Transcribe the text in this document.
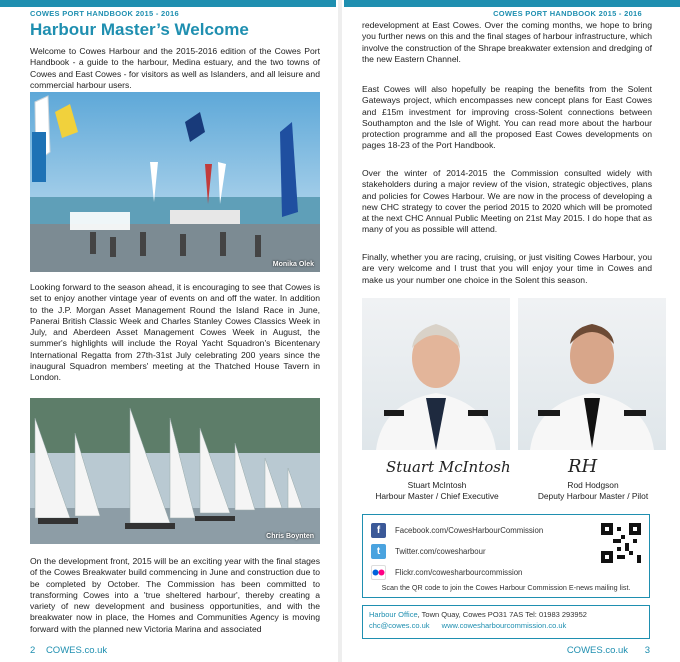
COWES PORT HANDBOOK 2015 - 2016	COWES PORT HANDBOOK 2015 - 2016
Harbour Master’s Welcome

Welcome to Cowes Harbour and the 2015-2016 edition of the Cowes Port Handbook - a guide to the harbour, Medina estuary, and the two towns of Cowes and East Cowes - for visitors as well as Islanders, and all leisure and commercial harbour users.

Monika Olek

Looking forward to the season ahead, it is encouraging to see that Cowes is set to enjoy another vintage year of events on and off the water. In addition to the J.P. Morgan Asset Management Round the Island Race in June, Panerai British Classic Week and Charles Stanley Cowes Classics Week in July, and Aberdeen Asset Management Cowes Week in August, the summer's highlights will include the Royal Yacht Squadron's Bicentenary International Regatta from 27th-31st July celebrating 200 years since the inaugural Squadron members' meeting at the Thatched House Tavern in London.

Chris Boynten

On the development front, 2015 will be an exciting year with the final stages of the Cowes Breakwater build commencing in June and construction due to be completed by October. The Commission has been committed to transforming Cowes into a 'true sheltered harbour', thereby creating a variety of new development and business opportunities, and with the breakwater now in place, the Homes and Communities Agency is moving forward with the planned new Victoria Marina and associated

redevelopment at East Cowes. Over the coming months, we hope to bring you further news on this and the final stages of harbour infrastructure, which involve the construction of the Shrape breakwater extension and dredging of the new Eastern Channel.

East Cowes will also hopefully be reaping the benefits from the Solent Gateways project, which encompasses new concept plans for East Cowes and £15m investment for improving cross-Solent connections between Southampton and the Isle of Wight. You can read more about the harbour protection programme and all the proposed East Cowes developments on pages 18-23 of the Port Handbook.

Over the winter of 2014-2015 the Commission consulted widely with stakeholders during a major review of the vision, strategic objectives, plans and policies for Cowes Harbour. We are now in the process of developing a new CHC strategy to cover the period 2015 to 2020 which will be promoted at the next CHC Annual Public Meeting on 21st May 2015. I do hope that as many of you as possible will attend.

Finally, whether you are racing, cruising, or just visiting Cowes Harbour, you are very welcome and I trust that you will enjoy your time in Cowes and make us your number one choice in the Solent this season.

Stuart McIntosh	RH
Stuart McIntosh
Harbour Master / Chief Executive
Rod Hodgson
Deputy Harbour Master / Pilot
f	Facebook.com/CowesHarbourCommission
t	Twitter.com/cowesharbour
Flickr.com/cowesharbourcommission
Scan the QR code to join the Cowes Harbour Commission E-news mailing list.
Harbour Office, Town Quay, Cowes PO31 7AS Tel: 01983 293952
chc@cowes.co.uk www.cowesharbourcommission.co.uk
2 COWES.co.uk	COWES.co.uk 3
